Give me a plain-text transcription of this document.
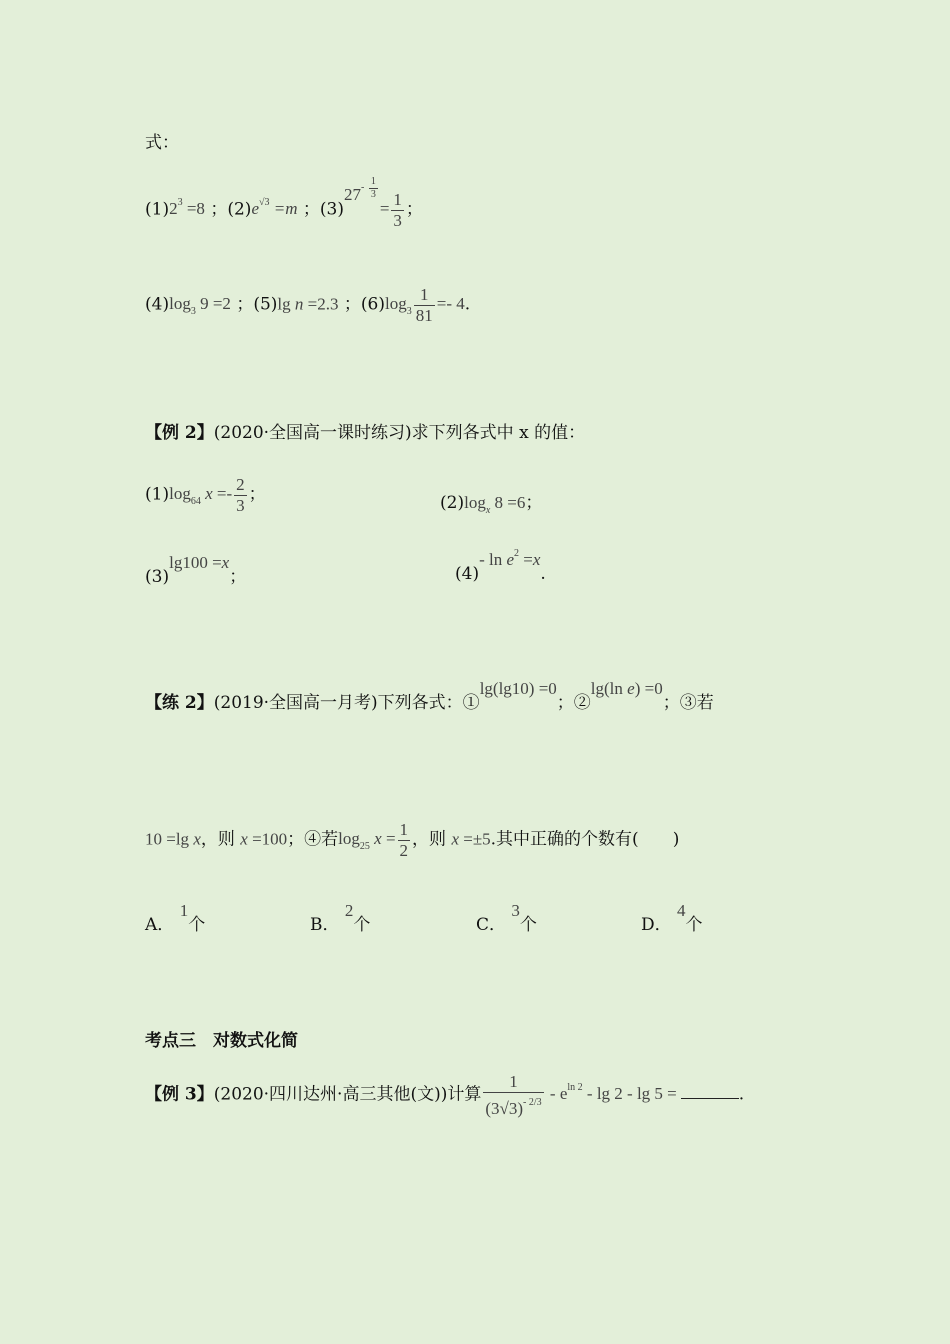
式：
$(1)2^3 =8$ ；$(2)e^{√3} =m$ ；$(3)27^{- \frac{1}{3}}$
= $\frac{1}{3}$ ；
$(4)\log_3$ 9 =2 ；(5)lg n =2.3 ；$(6)\log_3 \frac{1}{81} =- 4$.
【例 2】(2020·全国高一课时练习)求下列各式中 x 的值：
$(1)\log_{64}$ $x =- \frac{2}{3}$ ；	$(2)\log_x$ 8 =6；
(3)lg100 =x；	(4)- $\ln e^2 =x$.
【练 2】(2019·全国高一月考)下列各式：①lg(lg10) =0；②lg(ln e) =0；③若
10 =lg x，则 x =100；④若$\log_{25} x = \frac{1}{2}$ ，则 x =±5.其中正确的个数有(　　)
A． 1个	B． 2个	C． 3个	D． 4个
考点三　对数式化简
【例 3】(2020·四川达州·高三其他(文))计算 $\frac{1}{(3√3)^{- 2/3}} - e^{ln 2}$ - lg 2 - lg 5 =	.
